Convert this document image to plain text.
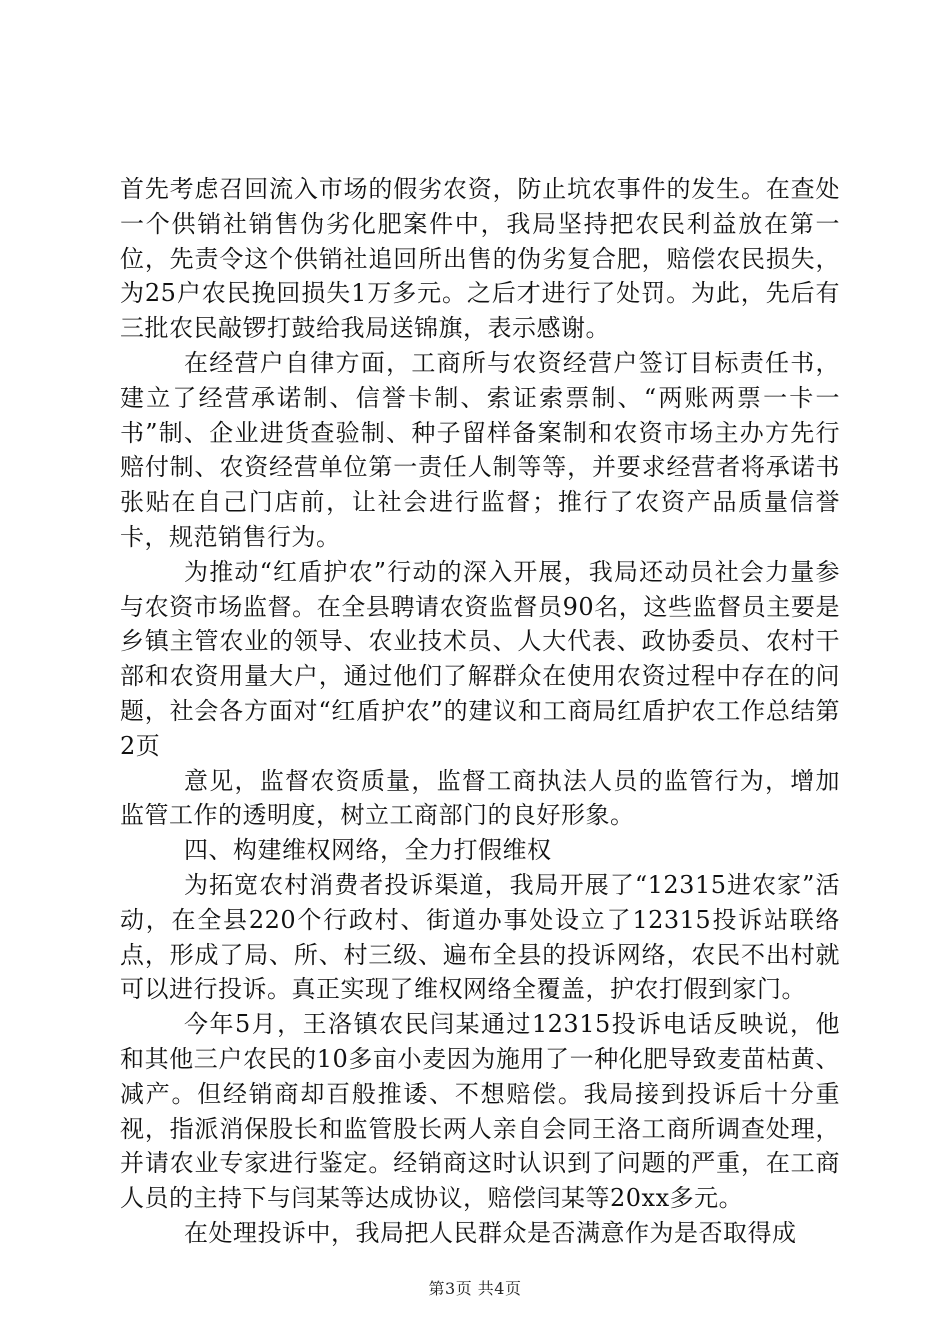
首先考虑召回流入市场的假劣农资，防止坑农事件的发生。在查处一个供销社销售伪劣化肥案件中，我局坚持把农民利益放在第一位，先责令这个供销社追回所出售的伪劣复合肥，赔偿农民损失，为25户农民挽回损失1万多元。之后才进行了处罚。为此，先后有三批农民敲锣打鼓给我局送锦旗，表示感谢。

在经营户自律方面，工商所与农资经营户签订目标责任书，建立了经营承诺制、信誉卡制、索证索票制、“两账两票一卡一书”制、企业进货查验制、种子留样备案制和农资市场主办方先行赔付制、农资经营单位第一责任人制等等，并要求经营者将承诺书张贴在自己门店前，让社会进行监督；推行了农资产品质量信誉卡，规范销售行为。

为推动“红盾护农”行动的深入开展，我局还动员社会力量参与农资市场监督。在全县聘请农资监督员90名，这些监督员主要是乡镇主管农业的领导、农业技术员、人大代表、政协委员、农村干部和农资用量大户，通过他们了解群众在使用农资过程中存在的问题，社会各方面对“红盾护农”的建议和工商局红盾护农工作总结第2页

意见，监督农资质量，监督工商执法人员的监管行为，增加监管工作的透明度，树立工商部门的良好形象。

四、构建维权网络，全力打假维权

为拓宽农村消费者投诉渠道，我局开展了“12315进农家”活动，在全县220个行政村、街道办事处设立了12315投诉站联络点，形成了局、所、村三级、遍布全县的投诉网络，农民不出村就可以进行投诉。真正实现了维权网络全覆盖，护农打假到家门。

今年5月，王洛镇农民闫某通过12315投诉电话反映说，他和其他三户农民的10多亩小麦因为施用了一种化肥导致麦苗枯黄、减产。但经销商却百般推诿、不想赔偿。我局接到投诉后十分重视，指派消保股长和监管股长两人亲自会同王洛工商所调查处理，并请农业专家进行鉴定。经销商这时认识到了问题的严重，在工商人员的主持下与闫某等达成协议，赔偿闫某等20xx多元。

在处理投诉中，我局把人民群众是否满意作为是否取得成

第3页 共4页
